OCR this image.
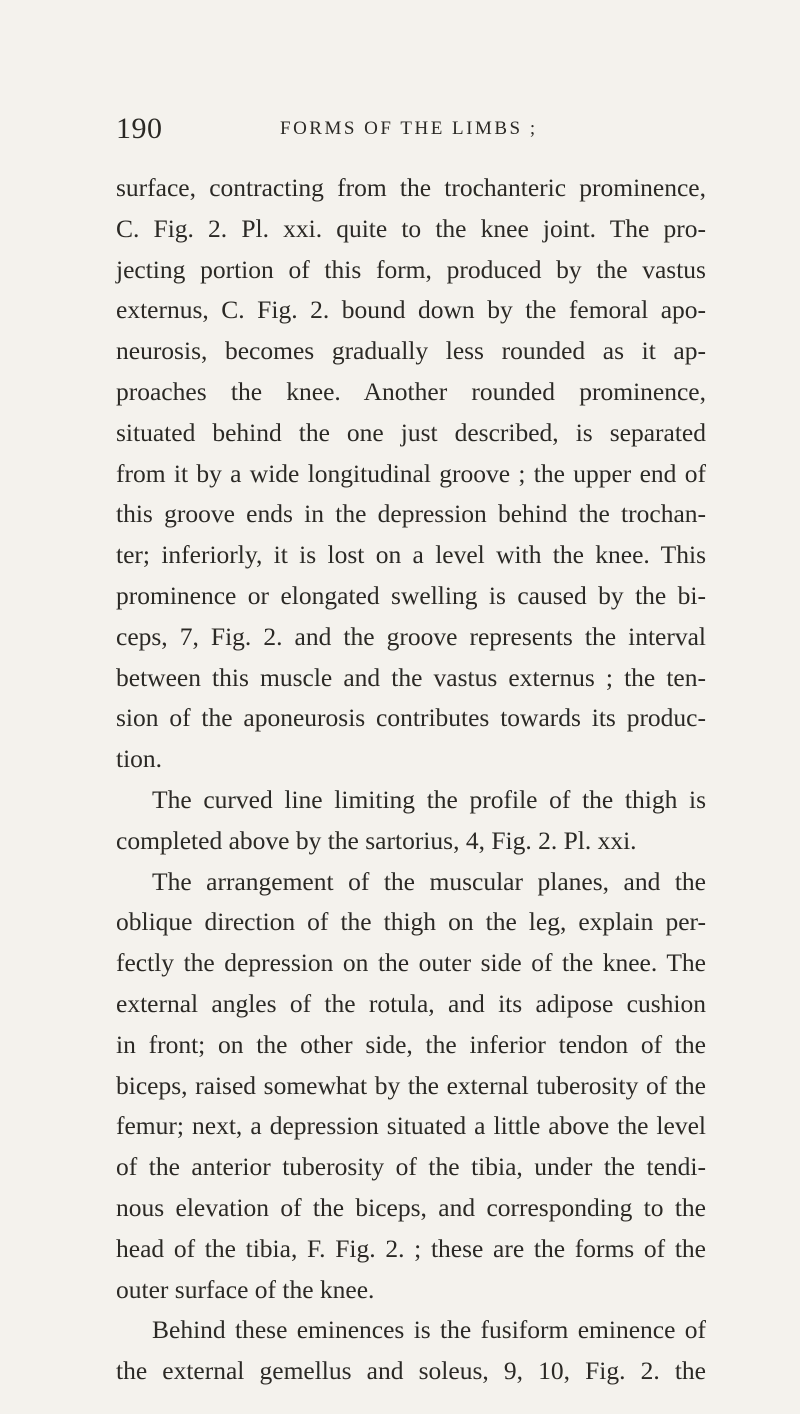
190	FORMS OF THE LIMBS ;
surface, contracting from the trochanteric prominence,
C. Fig. 2. Pl. xxi. quite to the knee joint. The pro-
jecting portion of this form, produced by the vastus
externus, C. Fig. 2. bound down by the femoral apo-
neurosis, becomes gradually less rounded as it ap-
proaches the knee. Another rounded prominence,
situated behind the one just described, is separated
from it by a wide longitudinal groove ; the upper end of
this groove ends in the depression behind the trochan-
ter; inferiorly, it is lost on a level with the knee. This
prominence or elongated swelling is caused by the bi-
ceps, 7, Fig. 2. and the groove represents the interval
between this muscle and the vastus externus ; the ten-
sion of the aponeurosis contributes towards its produc-
tion.
The curved line limiting the profile of the thigh is
completed above by the sartorius, 4, Fig. 2. Pl. xxi.
The arrangement of the muscular planes, and the
oblique direction of the thigh on the leg, explain per-
fectly the depression on the outer side of the knee. The
external angles of the rotula, and its adipose cushion
in front; on the other side, the inferior tendon of the
biceps, raised somewhat by the external tuberosity of the
femur; next, a depression situated a little above the level
of the anterior tuberosity of the tibia, under the tendi-
nous elevation of the biceps, and corresponding to the
head of the tibia, F. Fig. 2. ; these are the forms of the
outer surface of the knee.
Behind these eminences is the fusiform eminence of
the external gemellus and soleus, 9, 10, Fig. 2. the
